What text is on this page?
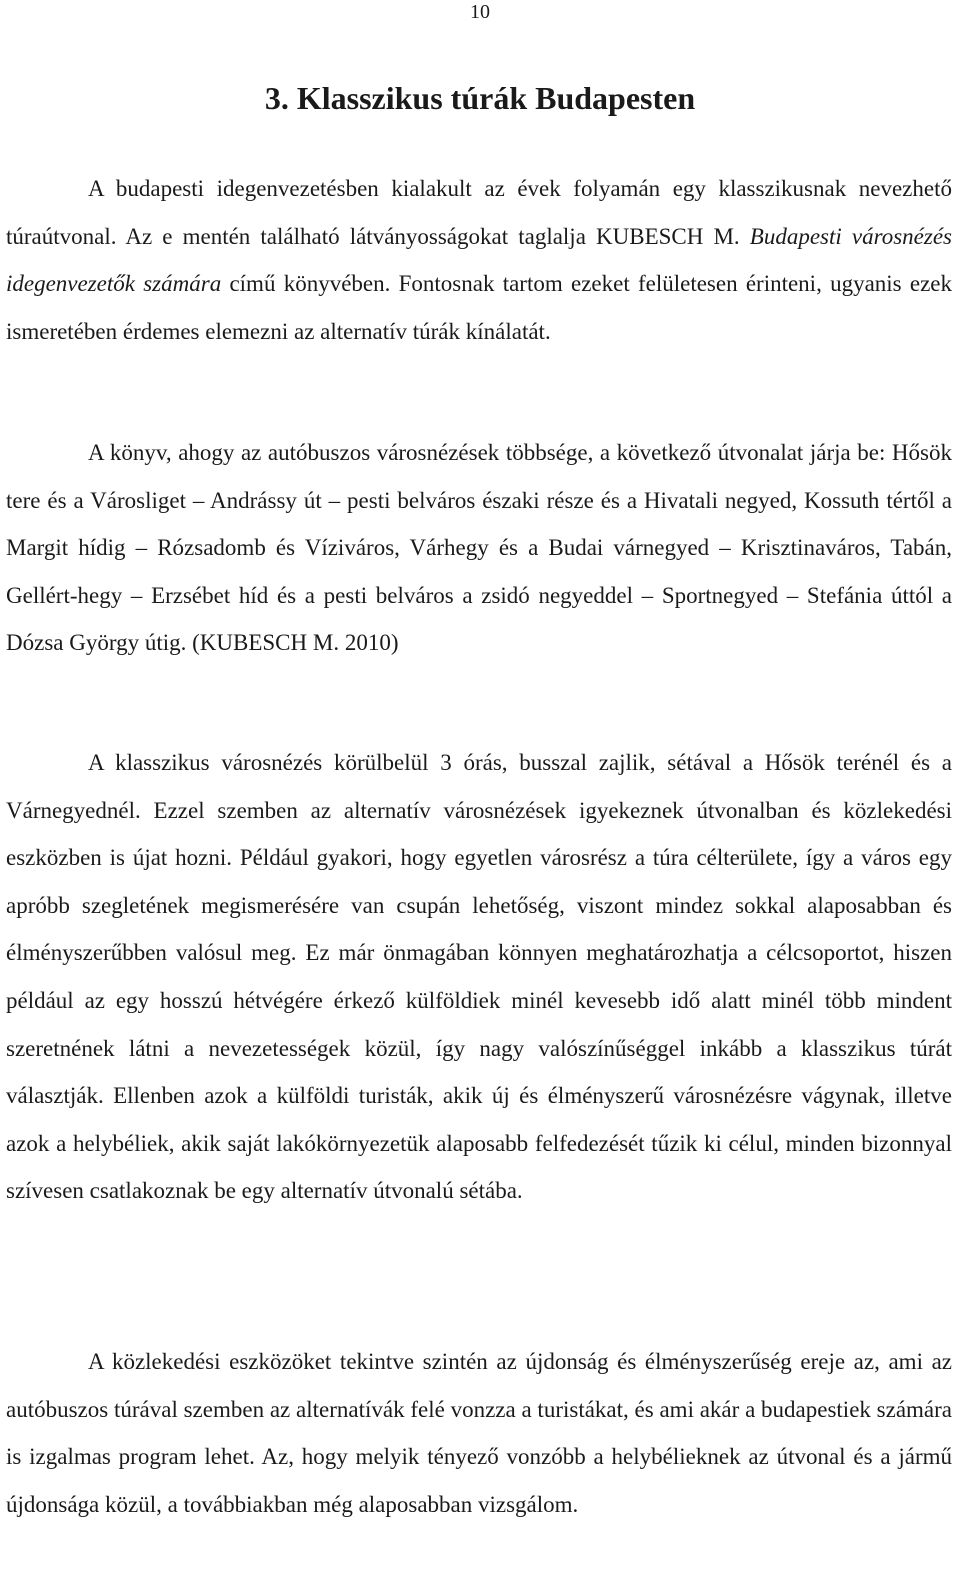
10

3. Klasszikus túrák Budapesten

A budapesti idegenvezetésben kialakult az évek folyamán egy klasszikusnak nevezhető túraútvonal. Az e mentén található látványosságokat taglalja KUBESCH M. Budapesti városnézés idegenvezetők számára című könyvében. Fontosnak tartom ezeket felületesen érinteni, ugyanis ezek ismeretében érdemes elemezni az alternatív túrák kínálatát.

A könyv, ahogy az autóbuszos városnézések többsége, a következő útvonalat járja be: Hősök tere és a Városliget – Andrássy út – pesti belváros északi része és a Hivatali negyed, Kossuth tértől a Margit hídig – Rózsadomb és Víziváros, Várhegy és a Budai várnegyed – Krisztinaváros, Tabán, Gellért-hegy – Erzsébet híd és a pesti belváros a zsidó negyeddel – Sportnegyed – Stefánia úttól a Dózsa György útig. (KUBESCH M. 2010)

A klasszikus városnézés körülbelül 3 órás, busszal zajlik, sétával a Hősök terénél és a Várnegyednél. Ezzel szemben az alternatív városnézések igyekeznek útvonalban és közlekedési eszközben is újat hozni. Például gyakori, hogy egyetlen városrész a túra célterülete, így a város egy apróbb szegletének megismerésére van csupán lehetőség, viszont mindez sokkal alaposabban és élményszerűbben valósul meg. Ez már önmagában könnyen meghatározhatja a célcsoportot, hiszen például az egy hosszú hétvégére érkező külföldiek minél kevesebb idő alatt minél több mindent szeretnének látni a nevezetességek közül, így nagy valószínűséggel inkább a klasszikus túrát választják. Ellenben azok a külföldi turisták, akik új és élményszerű városnézésre vágynak, illetve azok a helybéliek, akik saját lakókörnyezetük alaposabb felfedezését tűzik ki célul, minden bizonnyal szívesen csatlakoznak be egy alternatív útvonalú sétába.

A közlekedési eszközöket tekintve szintén az újdonság és élményszerűség ereje az, ami az autóbuszos túrával szemben az alternatívák felé vonzza a turistákat, és ami akár a budapestiek számára is izgalmas program lehet. Az, hogy melyik tényező vonzóbb a helybélieknek az útvonal és a jármű újdonsága közül, a továbbiakban még alaposabban vizsgálom.
